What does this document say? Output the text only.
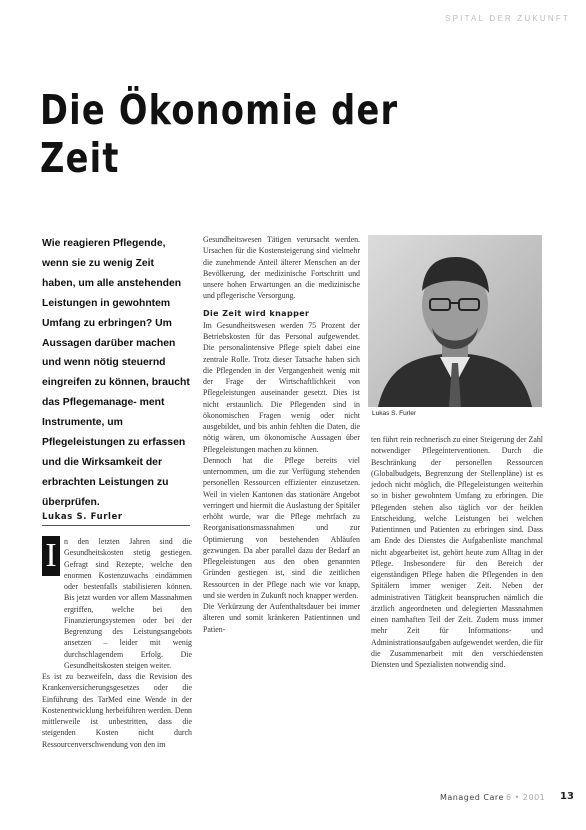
SPITAL DER ZUKUNFT
Die Ökonomie der Zeit
Wie reagieren Pflegende, wenn sie zu wenig Zeit haben, um alle anstehenden Leistungen in gewohntem Umfang zu erbringen? Um Aussagen darüber machen und wenn nötig steuernd eingreifen zu können, braucht das Pflegemanage- ment Instrumente, um Pflegeleistungen zu erfassen und die Wirksamkeit der erbrachten Leistungen zu überprüfen.
Lukas S. Furler
I n den letzten Jahren sind die Gesundheitskosten stetig gestiegen. Gefragt sind Rezepte, welche den enormen Kostenzuwachs eindämmen oder bestenfalls stabilisieren können. Bis jetzt wurden vor allem Massnahmen ergriffen, welche bei den Finanzierungsystemen oder bei der Begrenzung des Leistungsangebots ansetzen – leider mit wenig durchschlagendem Erfolg. Die Gesundheitskosten steigen weiter.

Es ist zu bezweifeln, dass die Revision des Krankenversicherungsgesetzes oder die Einführung des TarMed eine Wende in der Kostenentwicklung herbeiführen werden. Denn mittlerweile ist unbestritten, dass die steigenden Kosten nicht durch Ressourcenverschwendung von den im

Gesundheitswesen Tätigen verursacht werden. Ursachen für die Kostensteigerung sind vielmehr die zunehmende Anteil älterer Menschen an der Bevölkerung, der medizinische Fortschritt und unsere hohen Erwartungen an die medizinische und pflegerische Versorgung.

Die Zeit wird knapper

Im Gesundheitswesen werden 75 Prozent der Betriebskosten für das Personal aufgewendet. Die personalintensive Pflege spielt dabei eine zentrale Rolle. Trotz dieser Tatsache haben sich die Pflegenden in der Vergangenheit wenig mit der Frage der Wirtschaftlichkeit von Pflegeleistungen auseinander gesetzt. Dies ist nicht erstaunlich. Die Pflegenden sind in ökonomischen Fragen wenig oder nicht ausgebildet, und bis anhin fehlten die Daten, die nötig wären, um ökonomische Aussagen über Pflegeleistungen machen zu können.

Dennoch hat die Pflege bereits viel unternommen, um die zur Verfügung stehenden personellen Ressourcen effizienter einzusetzen. Weil in vielen Kantonen das stationäre Angebot verringert und hiermit die Auslastung der Spitäler erhöht wurde, war die Pflege mehrfach zu Reorganisationsmassnahmen und zur Optimierung von bestehenden Abläufen gezwungen. Da aber parallel dazu der Bedarf an Pflegeleistungen aus den oben genannten Gründen gestiegen ist, sind die zeitlichen Ressourcen in der Pflege nach wie vor knapp, und sie werden in Zukunft noch knapper werden.

Die Verkürzung der Aufenthaltsdauer bei immer älteren und somit kränkeren Patientinnen und Patien-

Lukas S. Furler

ten führt rein rechnerisch zu einer Steigerung der Zahl notwendiger Pflegeinterventionen. Durch die Beschränkung der personellen Ressourcen (Globalbudgets, Begrenzung der Stellenpläne) ist es jedoch nicht möglich, die Pflegeleistungen weiterhin so in bisher gewohntem Umfang zu erbringen. Die Pflegenden stehen also täglich vor der heiklen Entscheidung, welche Leistungen bei welchen Patientinnen und Patienten zu erbringen sind. Dass am Ende des Dienstes die Aufgabenliste manchmal nicht abgearbeitet ist, gehört heute zum Alltag in der Pflege. Insbesondere für den Bereich der eigenständigen Pflege haben die Pflegenden in den Spitälern immer weniger Zeit. Neben der administrativen Tätigkeit beanspruchen nämlich die ärztlich angeordneten und delegierten Massnahmen einen namhaften Teil der Zeit. Zudem muss immer mehr Zeit für Informations- und Administrationsaufgaben aufgewendet werden, die für die Zusammenarbeit mit den verschiedensten Diensten und Spezialisten notwendig sind.

Managed Care 6 • 2001 13
